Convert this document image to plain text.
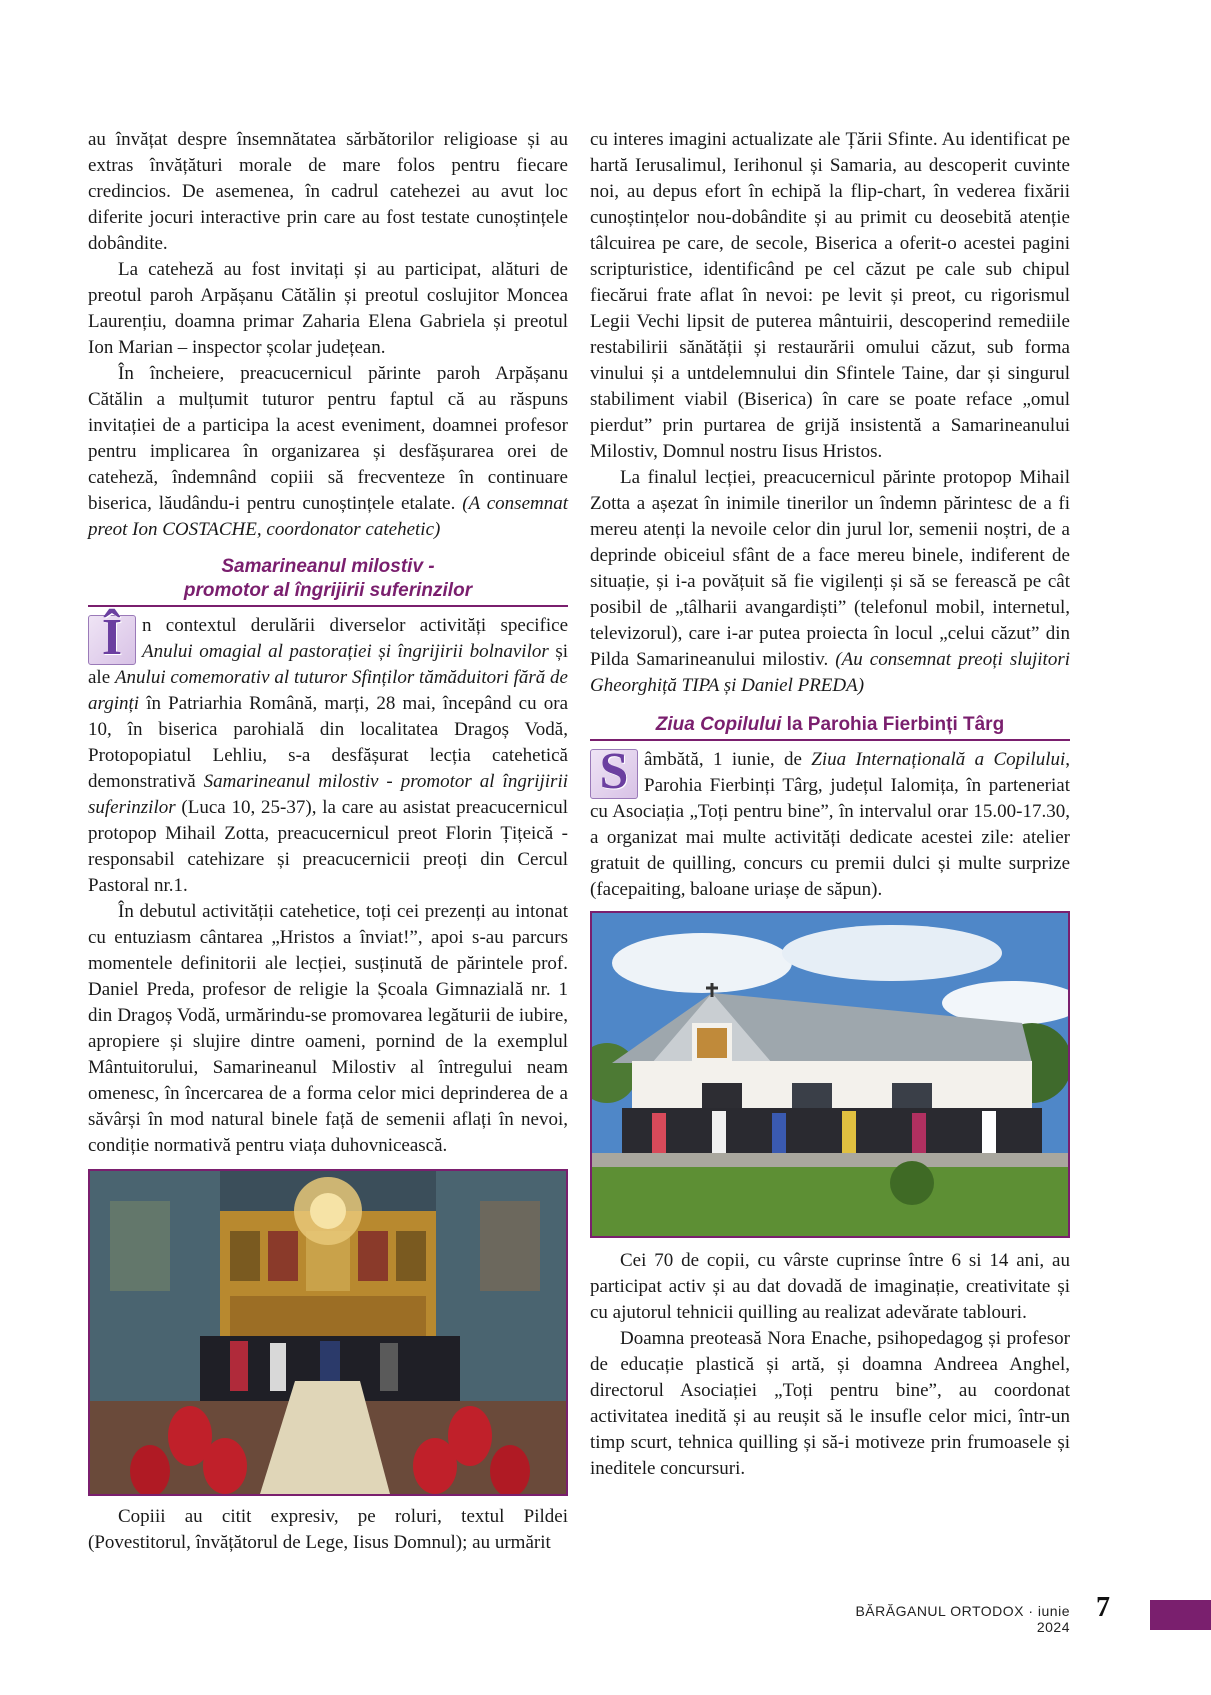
au învățat despre însemnătatea sărbătorilor religioase și au extras învățături morale de mare folos pentru fiecare credincios. De asemenea, în cadrul catehezei au avut loc diferite jocuri interactive prin care au fost testate cunoștințele dobândite.

La cateheză au fost invitați și au participat, alături de preotul paroh Arpășanu Cătălin și preotul coslujitor Moncea Laurențiu, doamna primar Zaharia Elena Gabriela și preotul Ion Marian – inspector școlar județean.

În încheiere, preacucernicul părinte paroh Arpășanu Cătălin a mulțumit tuturor pentru faptul că au răspuns invitației de a participa la acest eveniment, doamnei profesor pentru implicarea în organizarea și desfășurarea orei de cateheză, îndemnând copiii să frecventeze în continuare biserica, lăudându-i pentru cunoștințele etalate. (A consemnat preot Ion COSTACHE, coordonator catehetic)

Samarineanul milostiv -
promotor al îngrijirii suferinzilor

Î	n contextul derulării diverselor activități specifice Anului omagial al pastorației și îngrijirii bolnavilor și ale Anului comemorativ al tuturor Sfinților tămăduitori fără de arginți în Patriarhia Română, marți, 28 mai, începând cu ora 10, în biserica parohială din localitatea Dragoș Vodă, Protopopiatul Lehliu, s-a desfășurat lecția catehetică demonstrativă Samarineanul milostiv - promotor al îngrijirii suferinzilor (Luca 10, 25-37), la care au asistat preacucernicul protopop Mihail Zotta, preacucernicul preot Florin Țițeică - responsabil catehizare și preacucernicii preoți din Cercul Pastoral nr.1.

În debutul activității catehetice, toți cei prezenți au intonat cu entuziasm cântarea „Hristos a înviat!”, apoi s-au parcurs momentele definitorii ale lecției, susținută de părintele prof. Daniel Preda, profesor de religie la Școala Gimnazială nr. 1 din Dragoș Vodă, urmărindu-se promovarea legăturii de iubire, apropiere și slujire dintre oameni, pornind de la exemplul Mântuitorului, Samarineanul Milostiv al întregului neam omenesc, în încercarea de a forma celor mici deprinderea de a săvârși în mod natural binele față de semenii aflați în nevoi, condiție normativă pentru viața duhovnicească.

Copiii au citit expresiv, pe roluri, textul Pildei (Povestitorul, învățătorul de Lege, Iisus Domnul); au urmărit

cu interes imagini actualizate ale Țării Sfinte. Au identificat pe hartă Ierusalimul, Ierihonul și Samaria, au descoperit cuvinte noi, au depus efort în echipă la flip-chart, în vederea fixării cunoștințelor nou-dobândite și au primit cu deosebită atenție tâlcuirea pe care, de secole, Biserica a oferit-o acestei pagini scripturistice, identificând pe cel căzut pe cale sub chipul fiecărui frate aflat în nevoi: pe levit și preot, cu rigorismul Legii Vechi lipsit de puterea mântuirii, descoperind remediile restabilirii sănătății și restaurării omului căzut, sub forma vinului și a untdelemnului din Sfintele Taine, dar și singurul stabiliment viabil (Biserica) în care se poate reface „omul pierdut” prin purtarea de grijă insistentă a Samarineanului Milostiv, Domnul nostru Iisus Hristos.

La finalul lecției, preacucernicul părinte protopop Mihail Zotta a așezat în inimile tinerilor un îndemn părintesc de a fi mereu atenți la nevoile celor din jurul lor, semenii noștri, de a deprinde obiceiul sfânt de a face mereu binele, indiferent de situație, și i-a povățuit să fie vigilenți și să se ferească pe cât posibil de „tâlharii avangardiști” (telefonul mobil, internetul, televizorul), care i-ar putea proiecta în locul „celui căzut” din Pilda Samarineanului milostiv. (Au consemnat preoți slujitori Gheorghiță TIPA și Daniel PREDA)

Ziua Copilului la Parohia Fierbinți Târg

S âmbătă, 1 iunie, de Ziua Internațională a Copilului, Parohia Fierbinți Târg, județul Ialomița, în parteneriat cu Asociația „Toți pentru bine”, în intervalul orar 15.00-17.30, a organizat mai multe activități dedicate acestei zile: atelier gratuit de quilling, concurs cu premii dulci și multe surprize (facepaiting, baloane uriașe de săpun).

Cei 70 de copii, cu vârste cuprinse între 6 si 14 ani, au participat activ și au dat dovadă de imaginație, creativitate și cu ajutorul tehnicii quilling au realizat adevărate tablouri.

Doamna preoteasă Nora Enache, psihopedagog și profesor de educație plastică și artă, și doamna Andreea Anghel, directorul Asociației „Toți pentru bine”, au coordonat activitatea inedită și au reușit să le insufle celor mici, într-un timp scurt, tehnica quilling și să-i motiveze prin frumoasele și ineditele concursuri.

BĂRĂGANUL ORTODOX · iunie 2024
7
